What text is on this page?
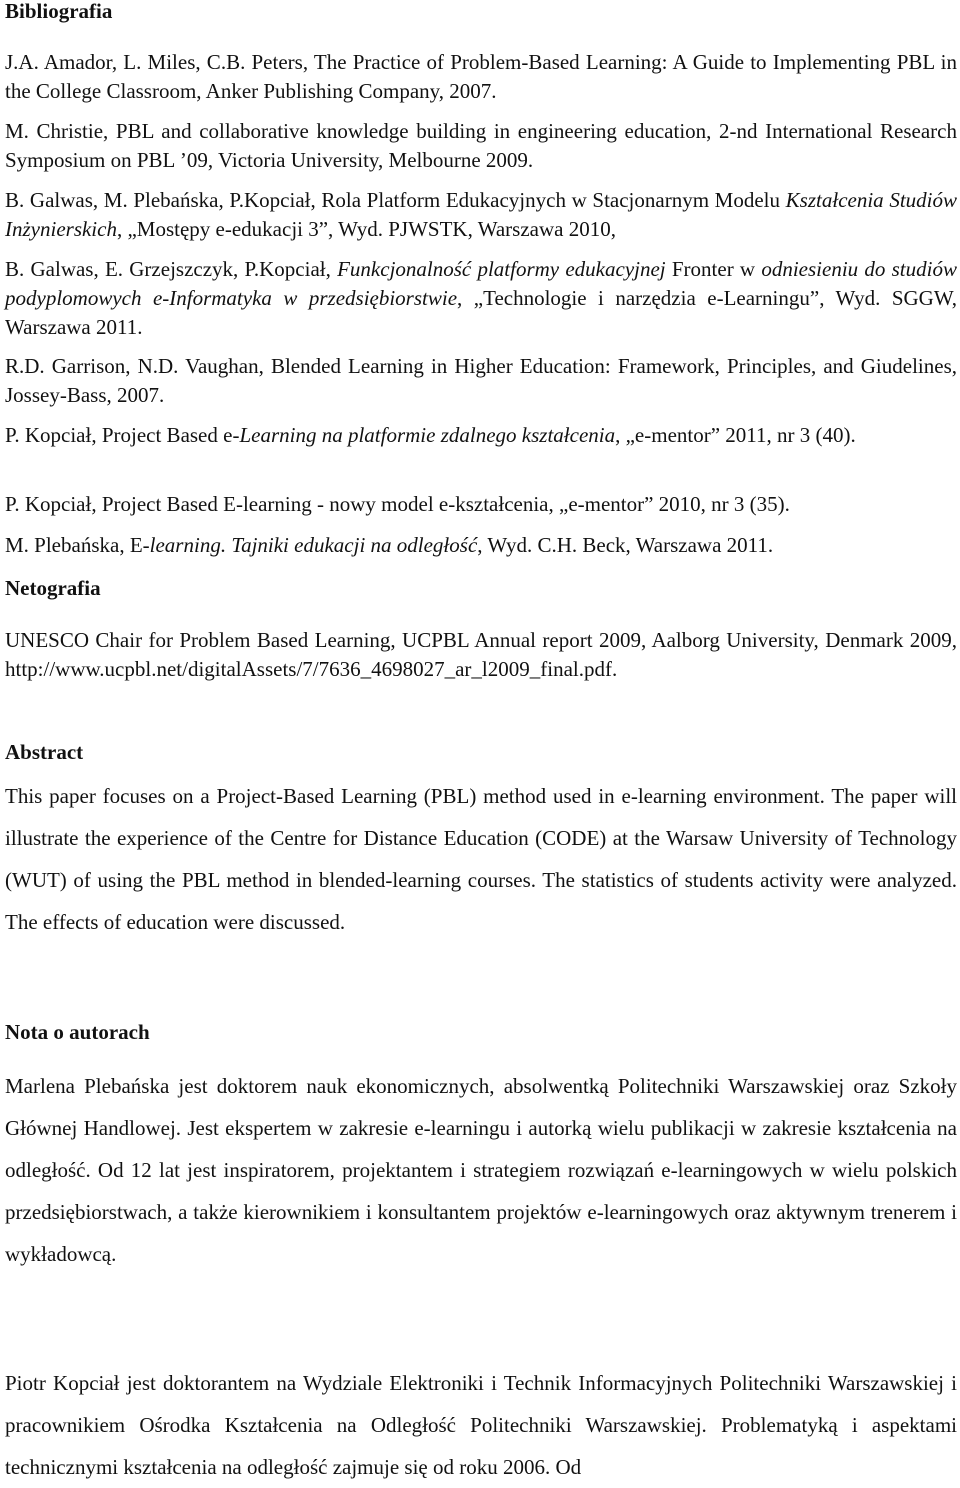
Bibliografia
J.A. Amador, L. Miles, C.B. Peters, The Practice of Problem-Based Learning: A Guide to Implementing PBL in the College Classroom, Anker Publishing Company, 2007.
M. Christie, PBL and collaborative knowledge building in engineering education, 2-nd International Research Symposium on PBL ’09, Victoria University, Melbourne 2009.
B. Galwas, M. Plebańska, P.Kopciał, Rola Platform Edukacyjnych w Stacjonarnym Modelu Kształcenia Studiów Inżynierskich, „Mostępy e-edukacji 3”, Wyd. PJWSTK, Warszawa 2010,
B. Galwas, E. Grzejszczyk, P.Kopciał, Funkcjonalność platformy edukacyjnej Fronter w odniesieniu do studiów podyplomowych e-Informatyka w przedsiębiorstwie, „Technologie i narzędzia e-Learningu”, Wyd. SGGW, Warszawa 2011.
R.D. Garrison, N.D. Vaughan, Blended Learning in Higher Education: Framework, Principles, and Giudelines, Jossey-Bass, 2007.
P. Kopciał, Project Based e-Learning na platformie zdalnego kształcenia, „e-mentor” 2011, nr 3 (40).
P. Kopciał, Project Based E-learning - nowy model e-kształcenia, „e-mentor” 2010, nr 3 (35).
M. Plebańska, E-learning. Tajniki edukacji na odległość, Wyd. C.H. Beck, Warszawa 2011.
Netografia
UNESCO Chair for Problem Based Learning, UCPBL Annual report 2009, Aalborg University, Denmark 2009, http://www.ucpbl.net/digitalAssets/7/7636_4698027_ar_l2009_final.pdf.
Abstract
This paper focuses on a Project-Based Learning (PBL) method used in e-learning environment. The paper will illustrate the experience of the Centre for Distance Education (CODE) at the Warsaw University of Technology (WUT) of using the PBL method in blended-learning courses. The statistics of students activity were analyzed. The effects of education were discussed.
Nota o autorach
Marlena Plebańska jest doktorem nauk ekonomicznych, absolwentką Politechniki Warszawskiej oraz Szkoły Głównej Handlowej. Jest ekspertem w zakresie e-learningu i autorką wielu publikacji w zakresie kształcenia na odległość. Od 12 lat jest inspiratorem, projektantem i strategiem rozwiązań e-learningowych w wielu polskich przedsiębiorstwach, a także kierownikiem i konsultantem projektów e-learningowych oraz aktywnym trenerem i wykładowcą.
Piotr Kopciał jest doktorantem na Wydziale Elektroniki i Technik Informacyjnych Politechniki Warszawskiej i pracownikiem Ośrodka Kształcenia na Odległość Politechniki Warszawskiej. Problematyką i aspektami technicznymi kształcenia na odległość zajmuje się od roku 2006. Od
